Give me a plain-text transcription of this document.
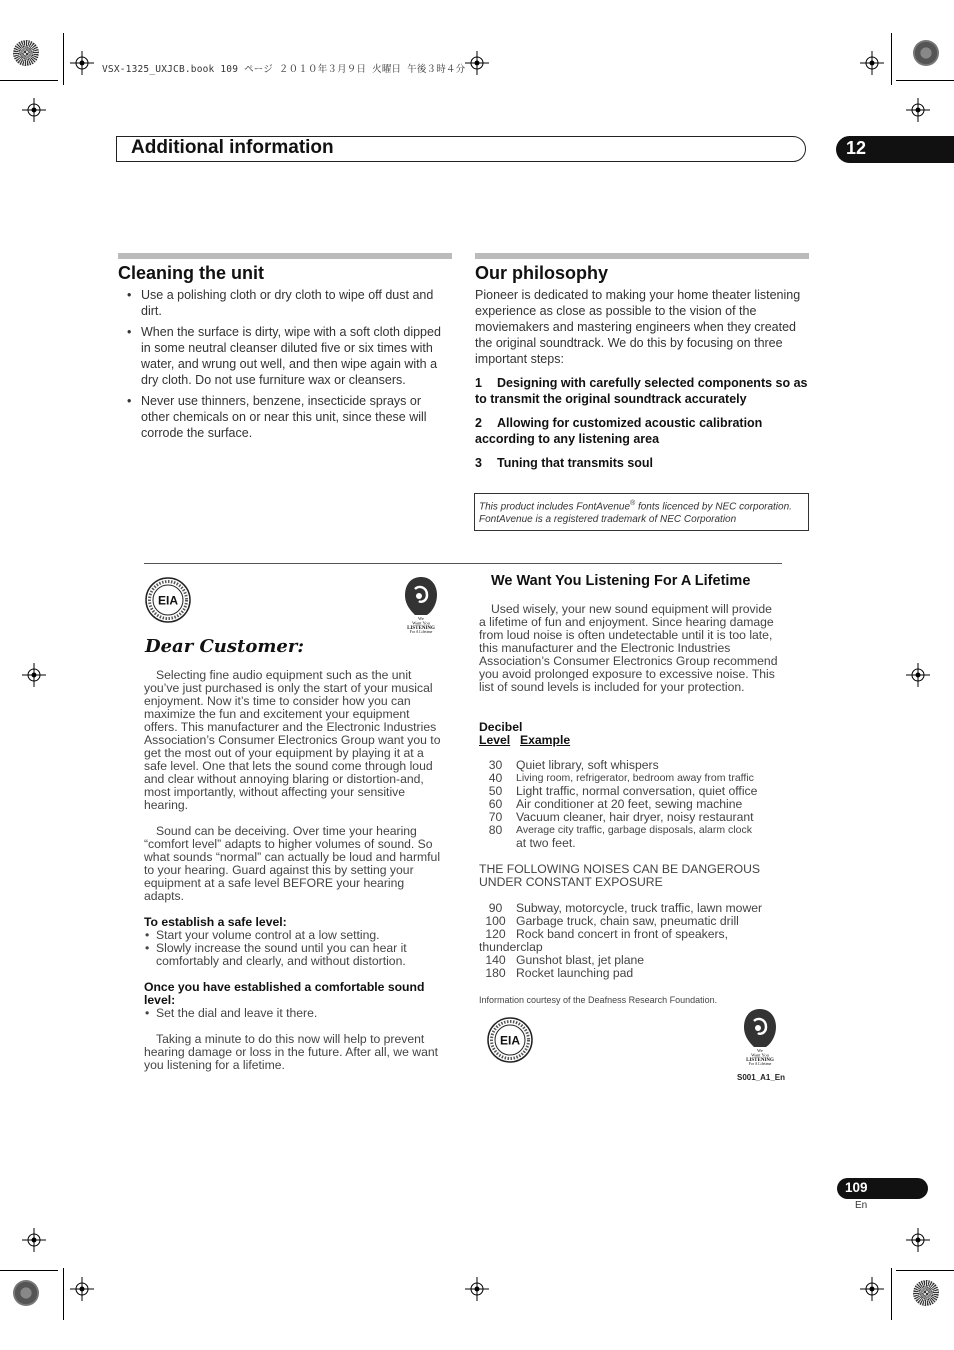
VSX-1325_UXJCB.book 109 ページ ２０１０年３月９日 火曜日 午後３時４分
Additional information	12
Cleaning the unit
• Use a polishing cloth or dry cloth to wipe off dust and dirt.
• When the surface is dirty, wipe with a soft cloth dipped in some neutral cleanser diluted five or six times with water, and wrung out well, and then wipe again with a dry cloth. Do not use furniture wax or cleansers.
• Never use thinners, benzene, insecticide sprays or other chemicals on or near this unit, since these will corrode the surface.
Our philosophy
Pioneer is dedicated to making your home theater listening experience as close as possible to the vision of the moviemakers and mastering engineers when they created the original soundtrack. We do this by focusing on three important steps:
1 Designing with carefully selected components so as to transmit the original soundtrack accurately
2 Allowing for customized acoustic calibration according to any listening area
3 Tuning that transmits soul
This product includes FontAvenue® fonts licenced by NEC corporation.
FontAvenue is a registered trademark of NEC Corporation
EIA
We
Want You
LISTENING
For A Lifetime
Dear Customer:

Selecting fine audio equipment such as the unit you’ve just purchased is only the start of your musical enjoyment. Now it’s time to consider how you can maximize the fun and excitement your equipment offers. This manufacturer and the Electronic Industries Association’s Consumer Electronics Group want you to get the most out of your equipment by playing it at a safe level. One that lets the sound come through loud and clear without annoying blaring or distortion-and, most importantly, without affecting your sensitive hearing.

Sound can be deceiving. Over time your hearing “comfort level” adapts to higher volumes of sound. So what sounds “normal” can actually be loud and harmful to your hearing. Guard against this by setting your equipment at a safe level BEFORE your hearing adapts.

To establish a safe level:
• Start your volume control at a low setting.
• Slowly increase the sound until you can hear it comfortably and clearly, and without distortion.
Once you have established a comfortable sound level:
• Set the dial and leave it there.

Taking a minute to do this now will help to prevent hearing damage or loss in the future. After all, we want you listening for a lifetime.

We Want You Listening For A Lifetime

Used wisely, your new sound equipment will provide a lifetime of fun and enjoyment. Since hearing damage from loud noise is often undetectable until it is too late, this manufacturer and the Electronic Industries Association’s Consumer Electronics Group recommend you avoid prolonged exposure to excessive noise. This list of sound levels is included for your protection.

Decibel
Level Example
30	Quiet library, soft whispers
40	Living room, refrigerator, bedroom away from traffic
50	Light traffic, normal conversation, quiet office
60	Air conditioner at 20 feet, sewing machine
70	Vacuum cleaner, hair dryer, noisy restaurant
80	Average city traffic, garbage disposals, alarm clock
	at two feet.
THE FOLLOWING NOISES CAN BE DANGEROUS UNDER CONSTANT EXPOSURE
90	Subway, motorcycle, truck traffic, lawn mower
100	Garbage truck, chain saw, pneumatic drill
120	Rock band concert in front of speakers,
thunderclap	
140	Gunshot blast, jet plane
180	Rocket launching pad
Information courtesy of the Deafness Research Foundation.
EIA
We
Want You
LISTENING
For A Lifetime
S001_A1_En
109
En
